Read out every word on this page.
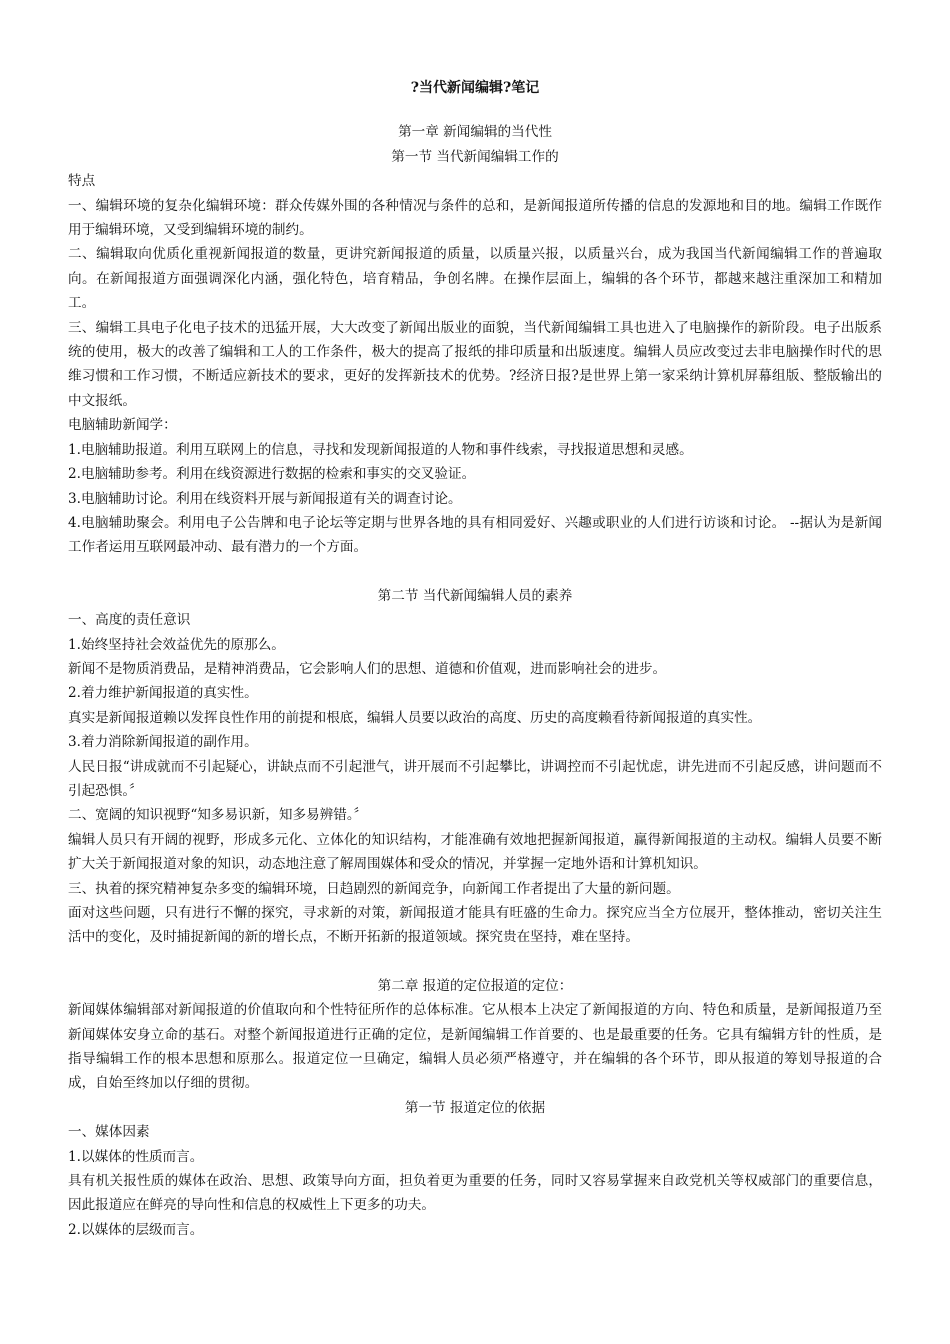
?当代新闻编辑?笔记
第一章 新闻编辑的当代性
第一节 当代新闻编辑工作的
特点
一、编辑环境的复杂化编辑环境：群众传媒外围的各种情况与条件的总和，是新闻报道所传播的信息的发源地和目的地。编辑工作既作用于编辑环境，又受到编辑环境的制约。
二、编辑取向优质化重视新闻报道的数量，更讲究新闻报道的质量，以质量兴报，以质量兴台，成为我国当代新闻编辑工作的普遍取向。在新闻报道方面强调深化内涵，强化特色，培育精品，争创名牌。在操作层面上，编辑的各个环节，都越来越注重深加工和精加工。
三、编辑工具电子化电子技术的迅猛开展，大大改变了新闻出版业的面貌，当代新闻编辑工具也进入了电脑操作的新阶段。电子出版系统的使用，极大的改善了编辑和工人的工作条件，极大的提高了报纸的排印质量和出版速度。编辑人员应改变过去非电脑操作时代的思维习惯和工作习惯，不断适应新技术的要求，更好的发挥新技术的优势。?经济日报?是世界上第一家采纳计算机屏幕组版、整版输出的中文报纸。
电脑辅助新闻学：
1.电脑辅助报道。利用互联网上的信息，寻找和发现新闻报道的人物和事件线索，寻找报道思想和灵感。
2.电脑辅助参考。利用在线资源进行数据的检索和事实的交叉验证。
3.电脑辅助讨论。利用在线资料开展与新闻报道有关的调查讨论。
4.电脑辅助聚会。利用电子公告牌和电子论坛等定期与世界各地的具有相同爱好、兴趣或职业的人们进行访谈和讨论。 --据认为是新闻工作者运用互联网最冲动、最有潜力的一个方面。
第二节 当代新闻编辑人员的素养
一、高度的责任意识
1.始终坚持社会效益优先的原那么。
新闻不是物质消费品，是精神消费品，它会影响人们的思想、道德和价值观，进而影响社会的进步。
2.着力维护新闻报道的真实性。
真实是新闻报道赖以发挥良性作用的前提和根底，编辑人员要以政治的高度、历史的高度赖看待新闻报道的真实性。
3.着力消除新闻报道的副作用。
人民日报“讲成就而不引起疑心，讲缺点而不引起泄气，讲开展而不引起攀比，讲调控而不引起忧虑，讲先进而不引起反感，讲问题而不引起恐惧。〞
二、宽阔的知识视野“知多易识新，知多易辨错。〞
编辑人员只有开阔的视野，形成多元化、立体化的知识结构，才能准确有效地把握新闻报道，赢得新闻报道的主动权。编辑人员要不断扩大关于新闻报道对象的知识，动态地注意了解周围媒体和受众的情况，并掌握一定地外语和计算机知识。
三、执着的探究精神复杂多变的编辑环境，日趋剧烈的新闻竞争，向新闻工作者提出了大量的新问题。
面对这些问题，只有进行不懈的探究，寻求新的对策，新闻报道才能具有旺盛的生命力。探究应当全方位展开，整体推动，密切关注生活中的变化，及时捕捉新闻的新的增长点，不断开拓新的报道领域。探究贵在坚持，难在坚持。
第二章 报道的定位报道的定位：
新闻媒体编辑部对新闻报道的价值取向和个性特征所作的总体标准。它从根本上决定了新闻报道的方向、特色和质量，是新闻报道乃至新闻媒体安身立命的基石。对整个新闻报道进行正确的定位，是新闻编辑工作首要的、也是最重要的任务。它具有编辑方针的性质，是指导编辑工作的根本思想和原那么。报道定位一旦确定，编辑人员必须严格遵守，并在编辑的各个环节，即从报道的筹划导报道的合成，自始至终加以仔细的贯彻。
第一节 报道定位的依据
一、媒体因素
1.以媒体的性质而言。
具有机关报性质的媒体在政治、思想、政策导向方面，担负着更为重要的任务，同时又容易掌握来自政党机关等权威部门的重要信息，因此报道应在鲜亮的导向性和信息的权威性上下更多的功夫。
2.以媒体的层级而言。
